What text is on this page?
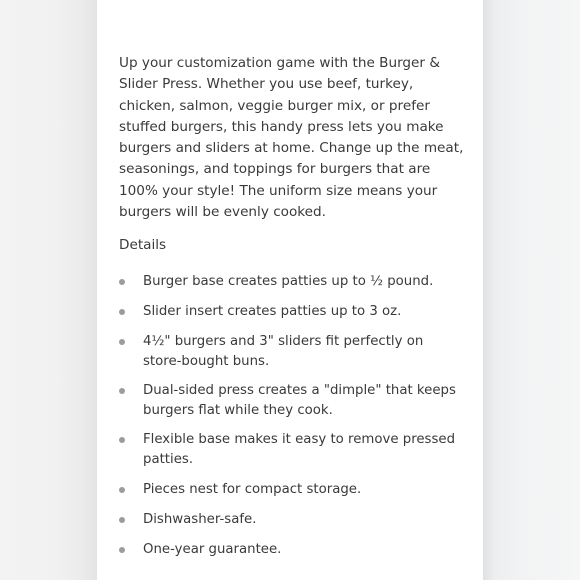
Up your customization game with the Burger & Slider Press. Whether you use beef, turkey, chicken, salmon, veggie burger mix, or prefer stuffed burgers, this handy press lets you make burgers and sliders at home. Change up the meat, seasonings, and toppings for burgers that are 100% your style! The uniform size means your burgers will be evenly cooked.

Details
Burger base creates patties up to ½ pound.
Slider insert creates patties up to 3 oz.
4½" burgers and 3" sliders fit perfectly on store-bought buns.
Dual-sided press creates a "dimple" that keeps burgers flat while they cook.
Flexible base makes it easy to remove pressed patties.
Pieces nest for compact storage.
Dishwasher-safe.
One-year guarantee.
